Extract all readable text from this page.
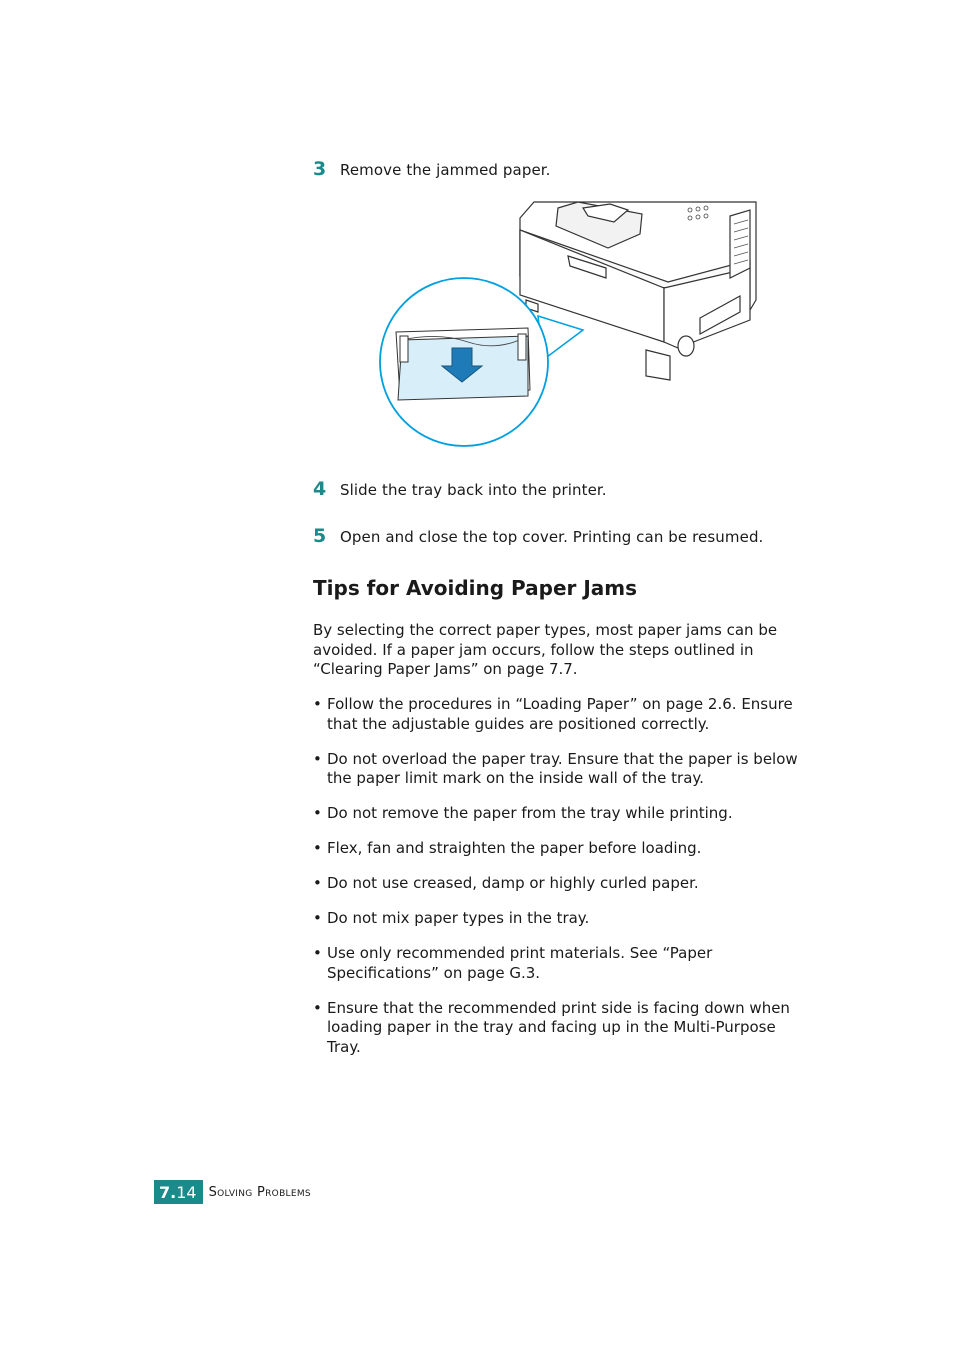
3 Remove the jammed paper.
4 Slide the tray back into the printer.
5 Open and close the top cover. Printing can be resumed.
Tips for Avoiding Paper Jams

By selecting the correct paper types, most paper jams can be avoided. If a paper jam occurs, follow the steps outlined in “Clearing Paper Jams” on page 7.7.

• Follow the procedures in “Loading Paper” on page 2.6. Ensure that the adjustable guides are positioned correctly.
• Do not overload the paper tray. Ensure that the paper is below the paper limit mark on the inside wall of the tray.
• Do not remove the paper from the tray while printing.
• Flex, fan and straighten the paper before loading.
• Do not use creased, damp or highly curled paper.
• Do not mix paper types in the tray.
• Use only recommended print materials. See “Paper Specifications” on page G.3.
• Ensure that the recommended print side is facing down when loading paper in the tray and facing up in the Multi-Purpose Tray.
7. 14 Solving Problems
